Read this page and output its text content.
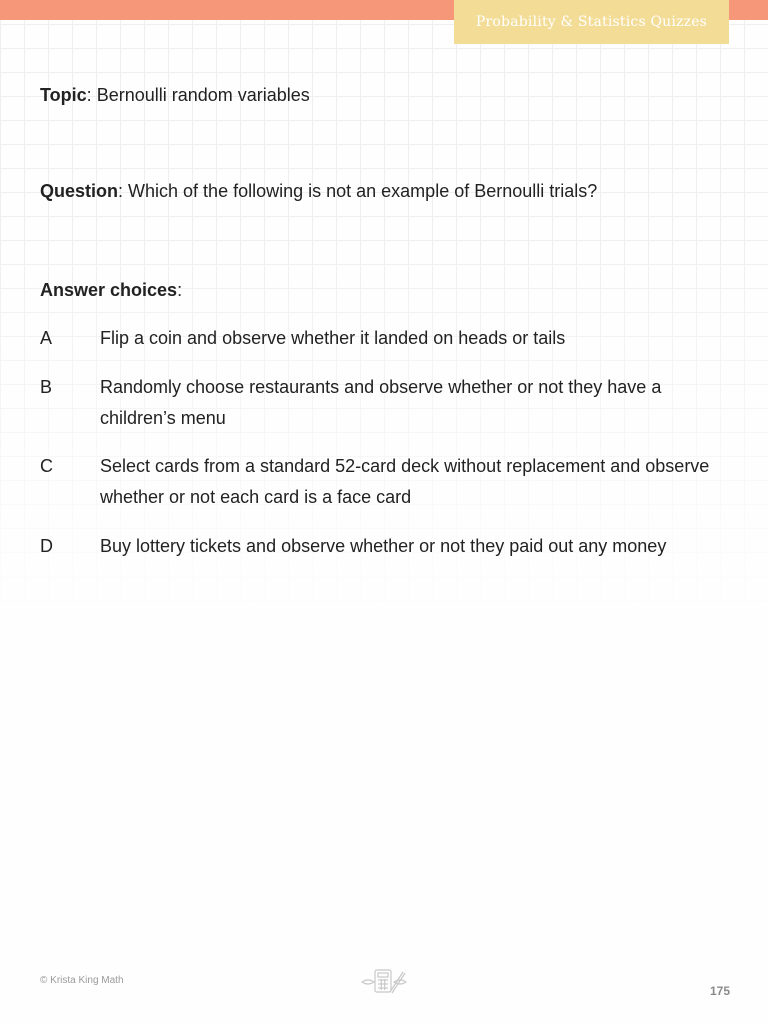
Probability & Statistics Quizzes
Topic: Bernoulli random variables
Question: Which of the following is not an example of Bernoulli trials?
Answer choices:
A	Flip a coin and observe whether it landed on heads or tails
B	Randomly choose restaurants and observe whether or not they have a children’s menu
C	Select cards from a standard 52-card deck without replacement and observe whether or not each card is a face card
D	Buy lottery tickets and observe whether or not they paid out any money
© Krista King Math
175
